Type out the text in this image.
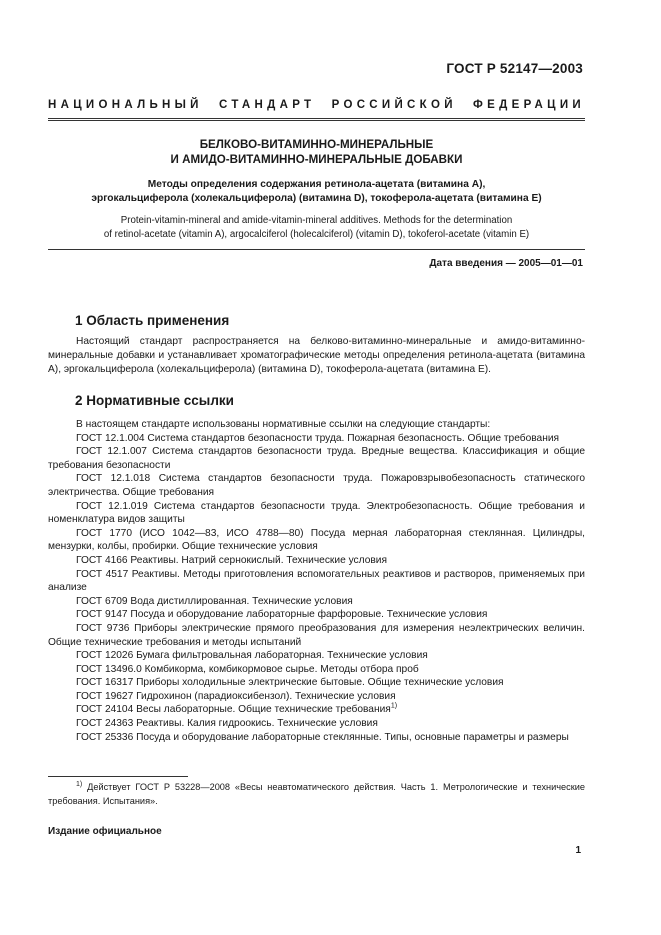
ГОСТ Р 52147—2003
НАЦИОНАЛЬНЫЙ СТАНДАРТ РОССИЙСКОЙ ФЕДЕРАЦИИ
БЕЛКОВО-ВИТАМИННО-МИНЕРАЛЬНЫЕ
И АМИДО-ВИТАМИННО-МИНЕРАЛЬНЫЕ ДОБАВКИ
Методы определения содержания ретинола-ацетата (витамина А),
эргокальциферола (холекальциферола) (витамина D), токоферола-ацетата (витамина Е)
Protein-vitamin-mineral and amide-vitamin-mineral additives. Methods for the determination
of retinol-acetate (vitamin A), argocalciferol (holecalciferol) (vitamin D), tokoferol-acetate (vitamin E)
Дата введения — 2005—01—01
1 Область применения

Настоящий стандарт распространяется на белково-витаминно-минеральные и амидо-витаминно-минеральные добавки и устанавливает хроматографические методы определения ретинола-ацетата (витамина А), эргокальциферола (холекальциферола) (витамина D), токоферола-ацетата (витамина Е).

2 Нормативные ссылки

В настоящем стандарте использованы нормативные ссылки на следующие стандарты:

ГОСТ 12.1.004 Система стандартов безопасности труда. Пожарная безопасность. Общие требования

ГОСТ 12.1.007 Система стандартов безопасности труда. Вредные вещества. Классификация и общие требования безопасности

ГОСТ 12.1.018 Система стандартов безопасности труда. Пожаровзрывобезопасность статического электричества. Общие требования

ГОСТ 12.1.019 Система стандартов безопасности труда. Электробезопасность. Общие требования и номенклатура видов защиты

ГОСТ 1770 (ИСО 1042—83, ИСО 4788—80) Посуда мерная лабораторная стеклянная. Цилиндры, мензурки, колбы, пробирки. Общие технические условия

ГОСТ 4166 Реактивы. Натрий сернокислый. Технические условия

ГОСТ 4517 Реактивы. Методы приготовления вспомогательных реактивов и растворов, применяемых при анализе

ГОСТ 6709 Вода дистиллированная. Технические условия

ГОСТ 9147 Посуда и оборудование лабораторные фарфоровые. Технические условия

ГОСТ 9736 Приборы электрические прямого преобразования для измерения неэлектрических величин. Общие технические требования и методы испытаний

ГОСТ 12026 Бумага фильтровальная лабораторная. Технические условия

ГОСТ 13496.0 Комбикорма, комбикормовое сырье. Методы отбора проб

ГОСТ 16317 Приборы холодильные электрические бытовые. Общие технические условия

ГОСТ 19627 Гидрохинон (парадиоксибензол). Технические условия

ГОСТ 24104 Весы лабораторные. Общие технические требования$^{1)}$

ГОСТ 24363 Реактивы. Калия гидроокись. Технические условия

ГОСТ 25336 Посуда и оборудование лабораторные стеклянные. Типы, основные параметры и размеры

$^{1)}$ Действует ГОСТ Р 53228—2008 «Весы неавтоматического действия. Часть 1. Метрологические и технические требования. Испытания».

Издание официальное
1
